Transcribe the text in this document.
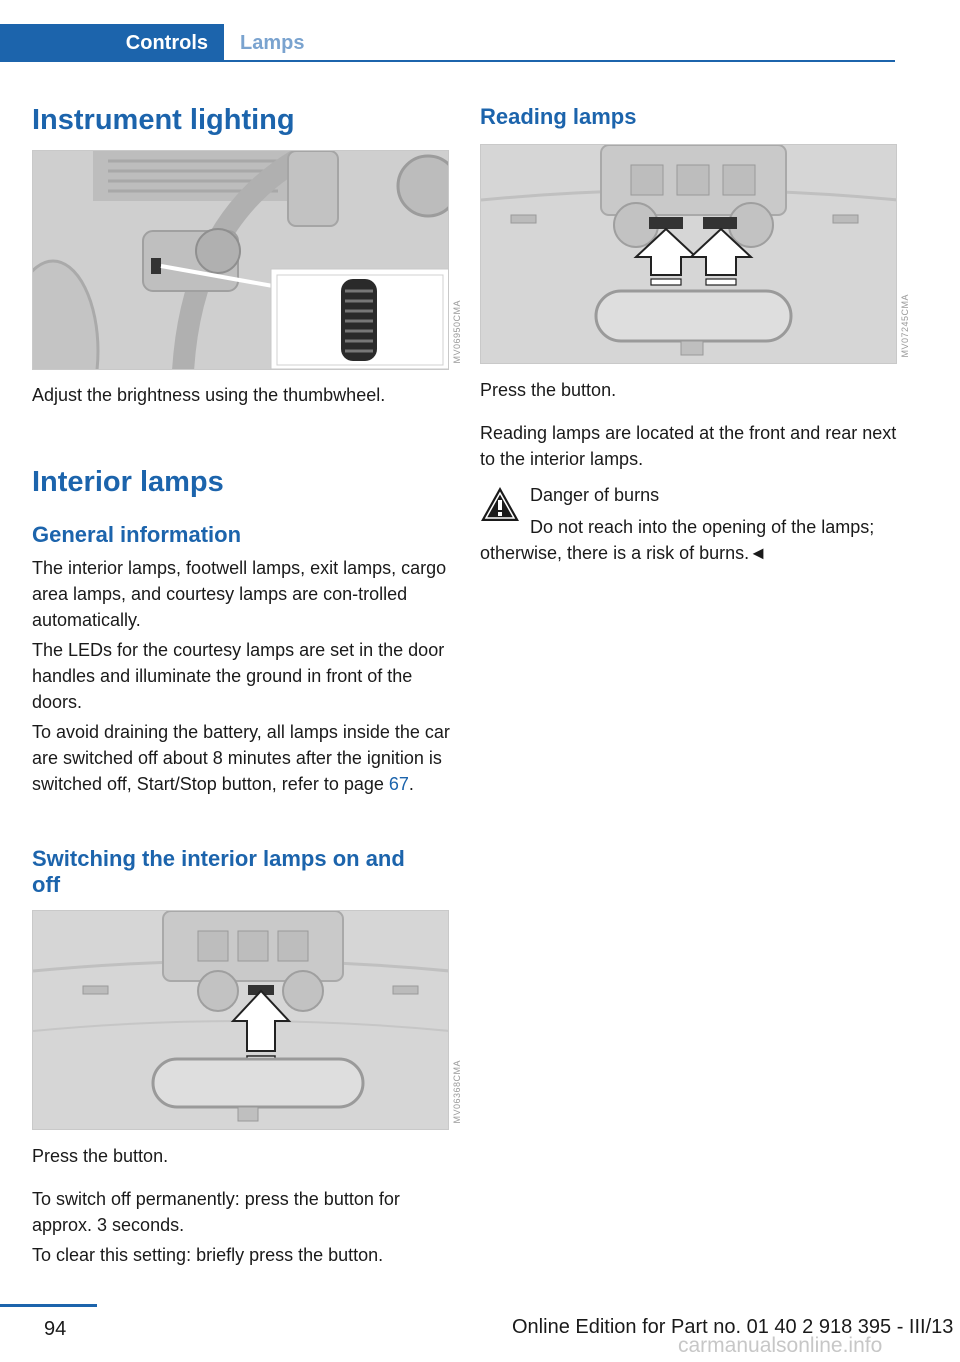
Controls	Lamps
Instrument lighting
MV06950CMA

Adjust the brightness using the thumbwheel.

Interior lamps
General information

The interior lamps, footwell lamps, exit lamps, cargo area lamps, and courtesy lamps are con-trolled automatically.

The LEDs for the courtesy lamps are set in the door handles and illuminate the ground in front of the doors.

To avoid draining the battery, all lamps inside the car are switched off about 8 minutes after the ignition is switched off, Start/Stop button, refer to page 67.

Switching the interior lamps on and off
MV06368CMA

Press the button.

To switch off permanently: press the button for approx. 3 seconds.

To clear this setting: briefly press the button.

Reading lamps
MV07245CMA

Press the button.

Reading lamps are located at the front and rear next to the interior lamps.

Danger of burns

Do not reach into the opening of the lamps; otherwise, there is a risk of burns.◄

94	Online Edition for Part no. 01 40 2 918 395 - III/13
carmanualsonline.info
